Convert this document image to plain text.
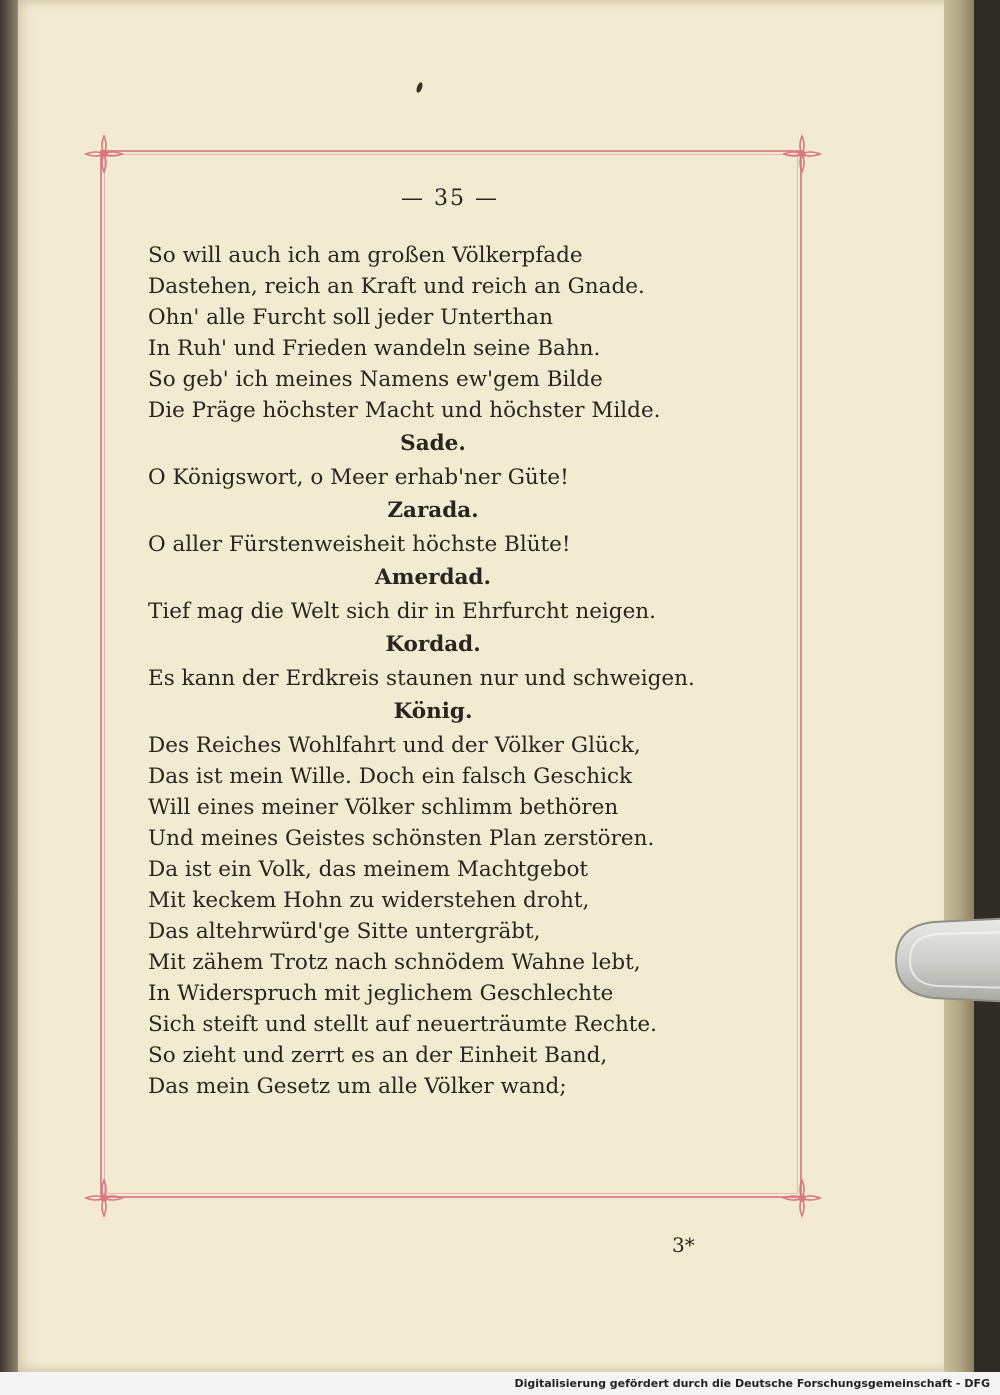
— 35 —
So will auch ich am großen Völkerpfade
Dastehen, reich an Kraft und reich an Gnade.
Ohn' alle Furcht soll jeder Unterthan
In Ruh' und Frieden wandeln seine Bahn.
So geb' ich meines Namens ew'gem Bilde
Die Präge höchster Macht und höchster Milde.
Sade.
O Königswort, o Meer erhab'ner Güte!
Zarada.
O aller Fürstenweisheit höchste Blüte!
Amerdad.
Tief mag die Welt sich dir in Ehrfurcht neigen.
Kordad.
Es kann der Erdkreis staunen nur und schweigen.
König.
Des Reiches Wohlfahrt und der Völker Glück,
Das ist mein Wille. Doch ein falsch Geschick
Will eines meiner Völker schlimm bethören
Und meines Geistes schönsten Plan zerstören.
Da ist ein Volk, das meinem Machtgebot
Mit keckem Hohn zu widerstehen droht,
Das altehrwürd'ge Sitte untergräbt,
Mit zähem Trotz nach schnödem Wahne lebt,
In Widerspruch mit jeglichem Geschlechte
Sich steift und stellt auf neuerträumte Rechte.
So zieht und zerrt es an der Einheit Band,
Das mein Gesetz um alle Völker wand;
3*
Digitalisierung gefördert durch die Deutsche Forschungsgemeinschaft - DFG
